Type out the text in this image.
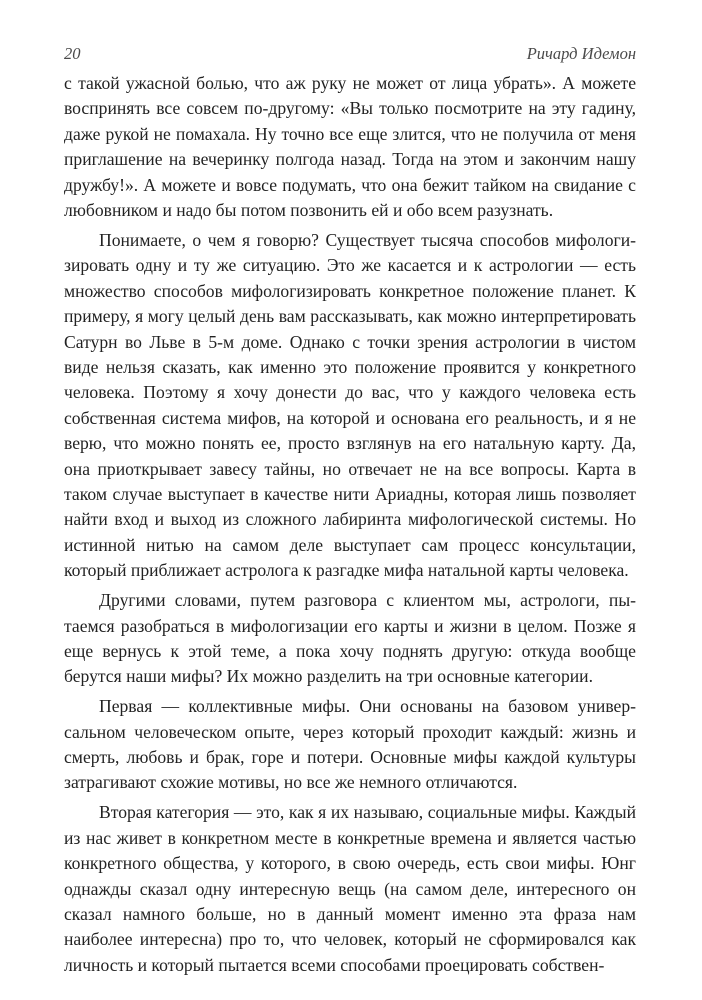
20	Ричард Идемон

с такой ужасной болью, что аж руку не может от лица убрать». А можете воспринять все совсем по-другому: «Вы только посмотрите на эту гадину, даже рукой не помахала. Ну точно все еще злится, что не получила от меня приглашение на вечеринку полгода назад. Тогда на этом и закончим нашу дружбу!». А можете и вовсе подумать, что она бежит тайком на свидание с любовником и надо бы потом позвонить ей и обо всем разузнать.

Понимаете, о чем я говорю? Существует тысяча способов мифологизировать одну и ту же ситуацию. Это же касается и к астрологии — есть множество способов мифологизировать конкретное положение планет. К примеру, я могу целый день вам рассказывать, как можно интерпретировать Сатурн во Льве в 5-м доме. Однако с точки зрения астрологии в чистом виде нельзя сказать, как именно это положение проявится у конкретного человека. Поэтому я хочу донести до вас, что у каждого человека есть собственная система мифов, на которой и основана его реальность, и я не верю, что можно понять ее, просто взглянув на его натальную карту. Да, она приоткрывает завесу тайны, но отвечает не на все вопросы. Карта в таком случае выступает в качестве нити Ариадны, которая лишь позволяет найти вход и выход из сложного лабиринта мифологической системы. Но истинной нитью на самом деле выступает сам процесс консультации, который приближает астролога к разгадке мифа натальной карты человека.

Другими словами, путем разговора с клиентом мы, астрологи, пытаемся разобраться в мифологизации его карты и жизни в целом. Позже я еще вернусь к этой теме, а пока хочу поднять другую: откуда вообще берутся наши мифы? Их можно разделить на три основные категории.

Первая — коллективные мифы. Они основаны на базовом универсальном человеческом опыте, через который проходит каждый: жизнь и смерть, любовь и брак, горе и потери. Основные мифы каждой культуры затрагивают схожие мотивы, но все же немного отличаются.

Вторая категория — это, как я их называю, социальные мифы. Каждый из нас живет в конкретном месте в конкретные времена и является частью конкретного общества, у которого, в свою очередь, есть свои мифы. Юнг однажды сказал одну интересную вещь (на самом деле, интересного он сказал намного больше, но в данный момент именно эта фраза нам наиболее интересна) про то, что человек, который не сформировался как личность и который пытается всеми способами проецировать собствен-
